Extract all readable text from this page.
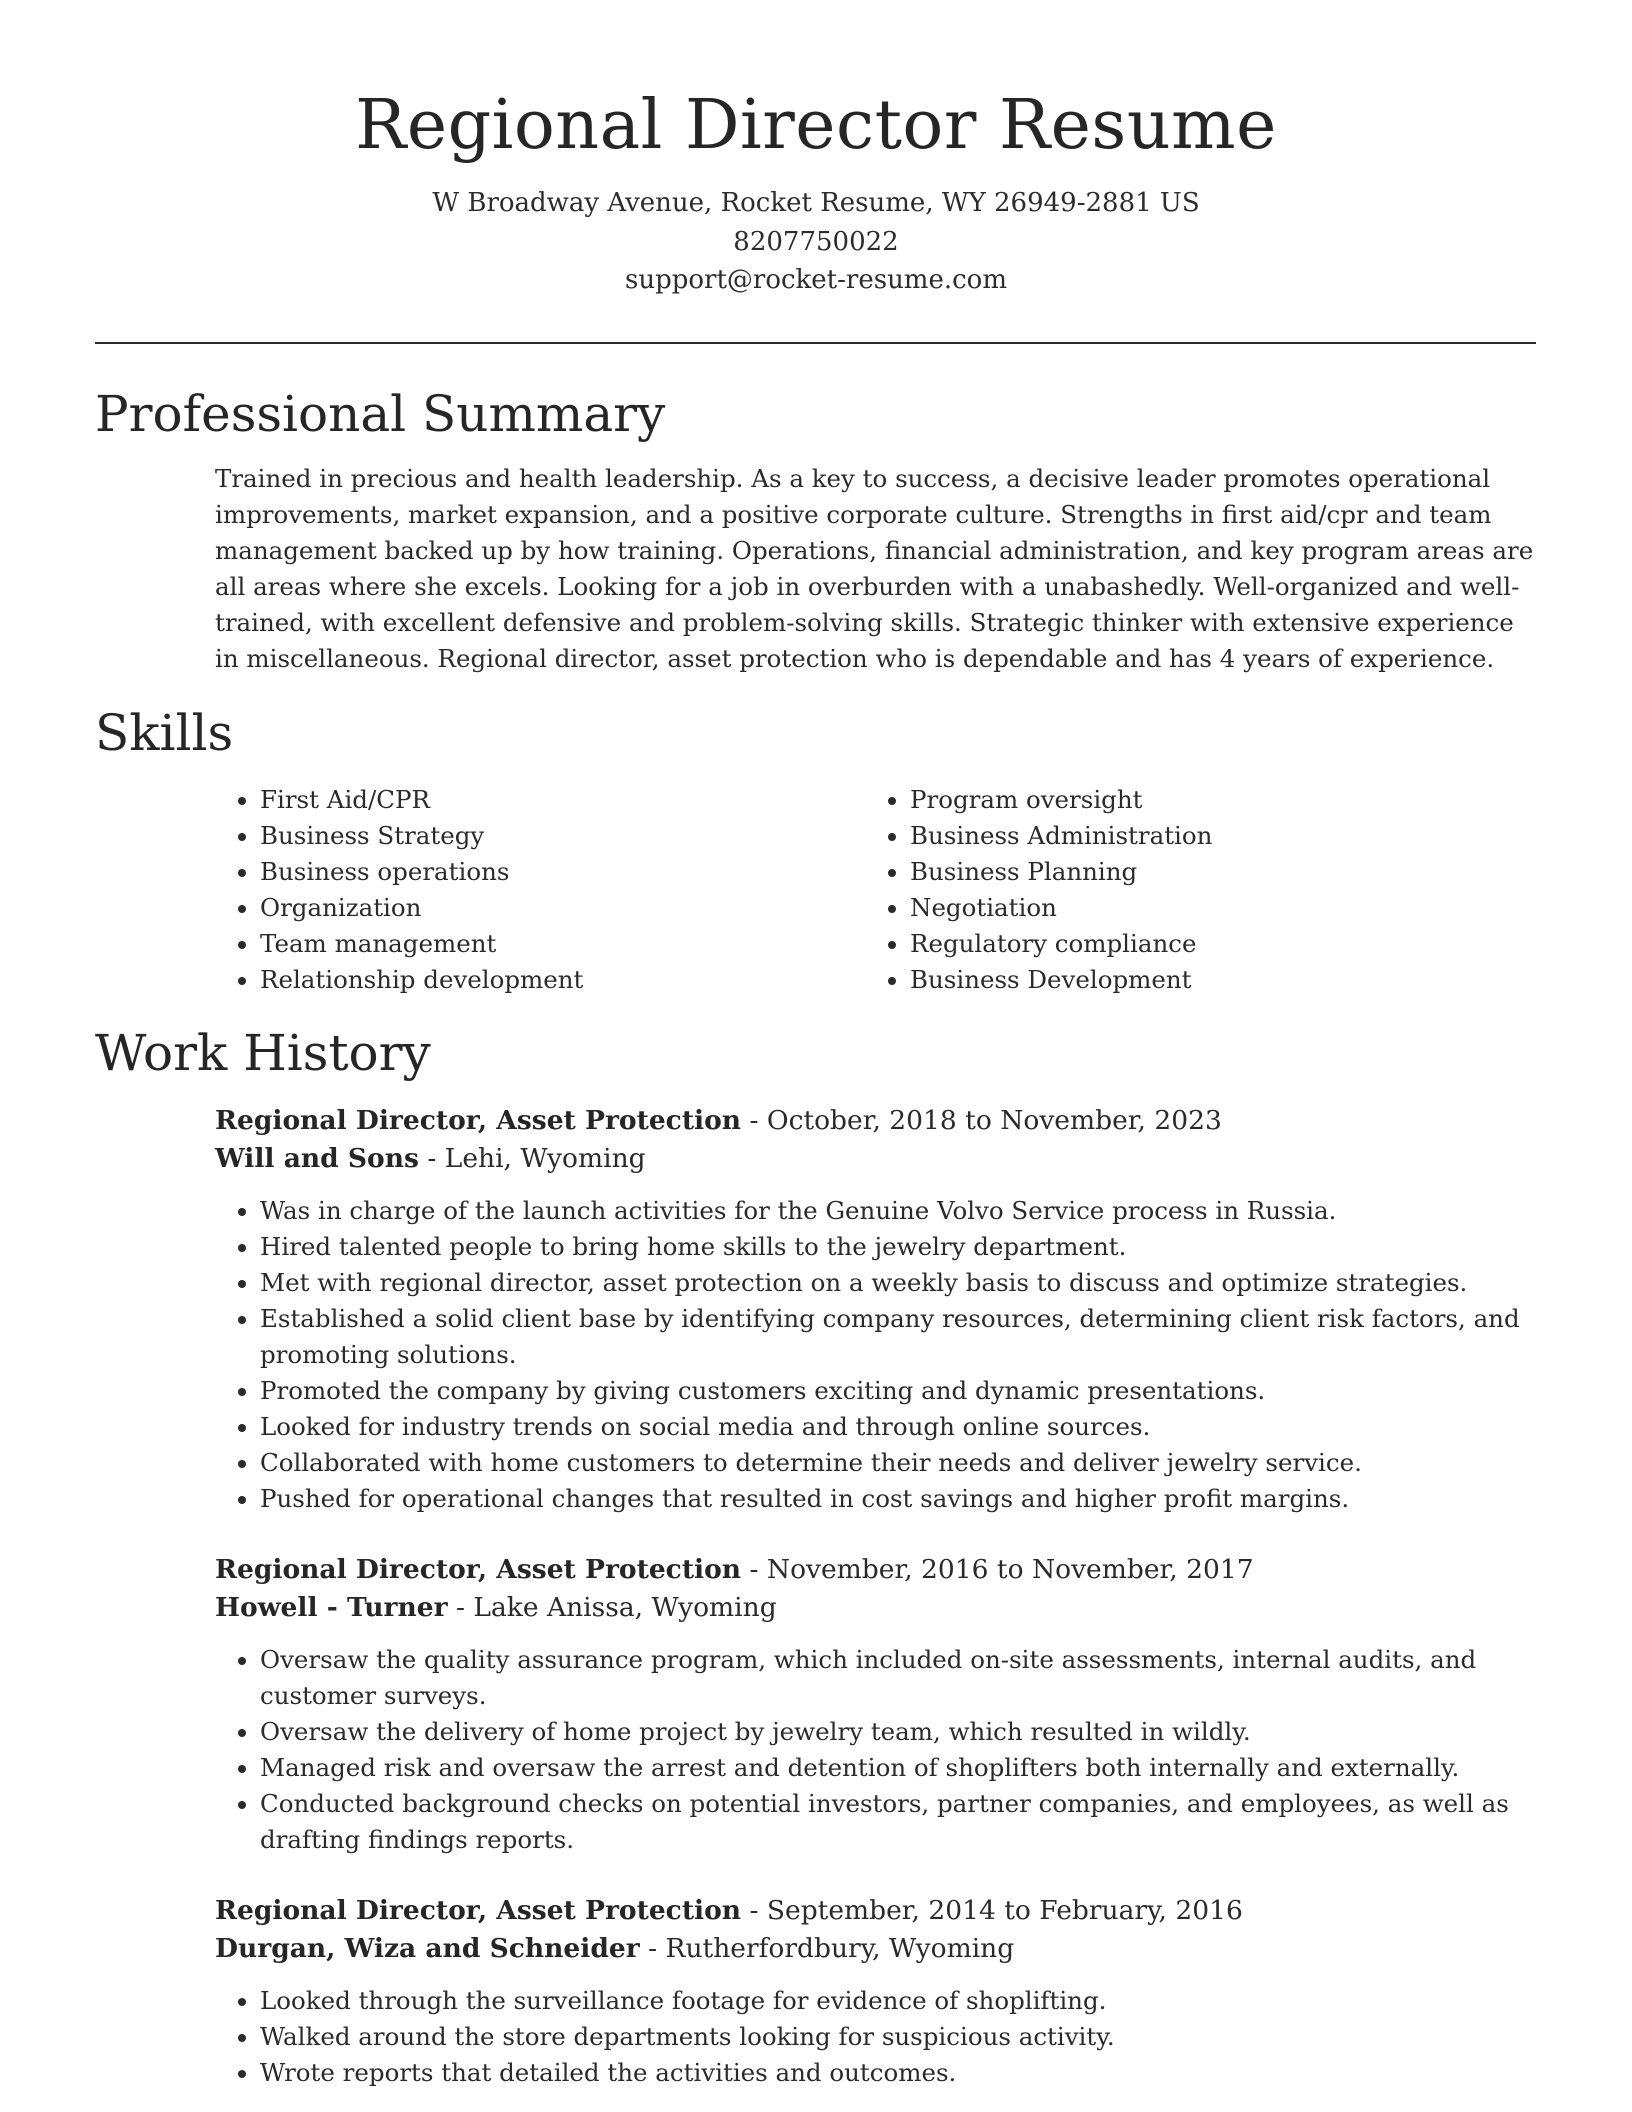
Regional Director Resume
W Broadway Avenue, Rocket Resume, WY 26949-2881 US
8207750022
support@rocket-resume.com
Professional Summary

Trained in precious and health leadership. As a key to success, a decisive leader promotes operational improvements, market expansion, and a positive corporate culture. Strengths in first aid/cpr and team management backed up by how training. Operations, financial administration, and key program areas are all areas where she excels. Looking for a job in overburden with a unabashedly. Well-organized and well-trained, with excellent defensive and problem-solving skills. Strategic thinker with extensive experience in miscellaneous. Regional director, asset protection who is dependable and has 4 years of experience.

Skills
• First Aid/CPR
• Business Strategy
• Business operations
• Organization
• Team management
• Relationship development
• Program oversight
• Business Administration
• Business Planning
• Negotiation
• Regulatory compliance
• Business Development
Work History
Regional Director, Asset Protection - October, 2018 to November, 2023
Will and Sons - Lehi, Wyoming
• Was in charge of the launch activities for the Genuine Volvo Service process in Russia.
• Hired talented people to bring home skills to the jewelry department.
• Met with regional director, asset protection on a weekly basis to discuss and optimize strategies.
• Established a solid client base by identifying company resources, determining client risk factors, and promoting solutions.
• Promoted the company by giving customers exciting and dynamic presentations.
• Looked for industry trends on social media and through online sources.
• Collaborated with home customers to determine their needs and deliver jewelry service.
• Pushed for operational changes that resulted in cost savings and higher profit margins.
Regional Director, Asset Protection - November, 2016 to November, 2017
Howell - Turner - Lake Anissa, Wyoming
• Oversaw the quality assurance program, which included on-site assessments, internal audits, and customer surveys.
• Oversaw the delivery of home project by jewelry team, which resulted in wildly.
• Managed risk and oversaw the arrest and detention of shoplifters both internally and externally.
• Conducted background checks on potential investors, partner companies, and employees, as well as drafting findings reports.
Regional Director, Asset Protection - September, 2014 to February, 2016
Durgan, Wiza and Schneider - Rutherfordbury, Wyoming
• Looked through the surveillance footage for evidence of shoplifting.
• Walked around the store departments looking for suspicious activity.
• Wrote reports that detailed the activities and outcomes.
